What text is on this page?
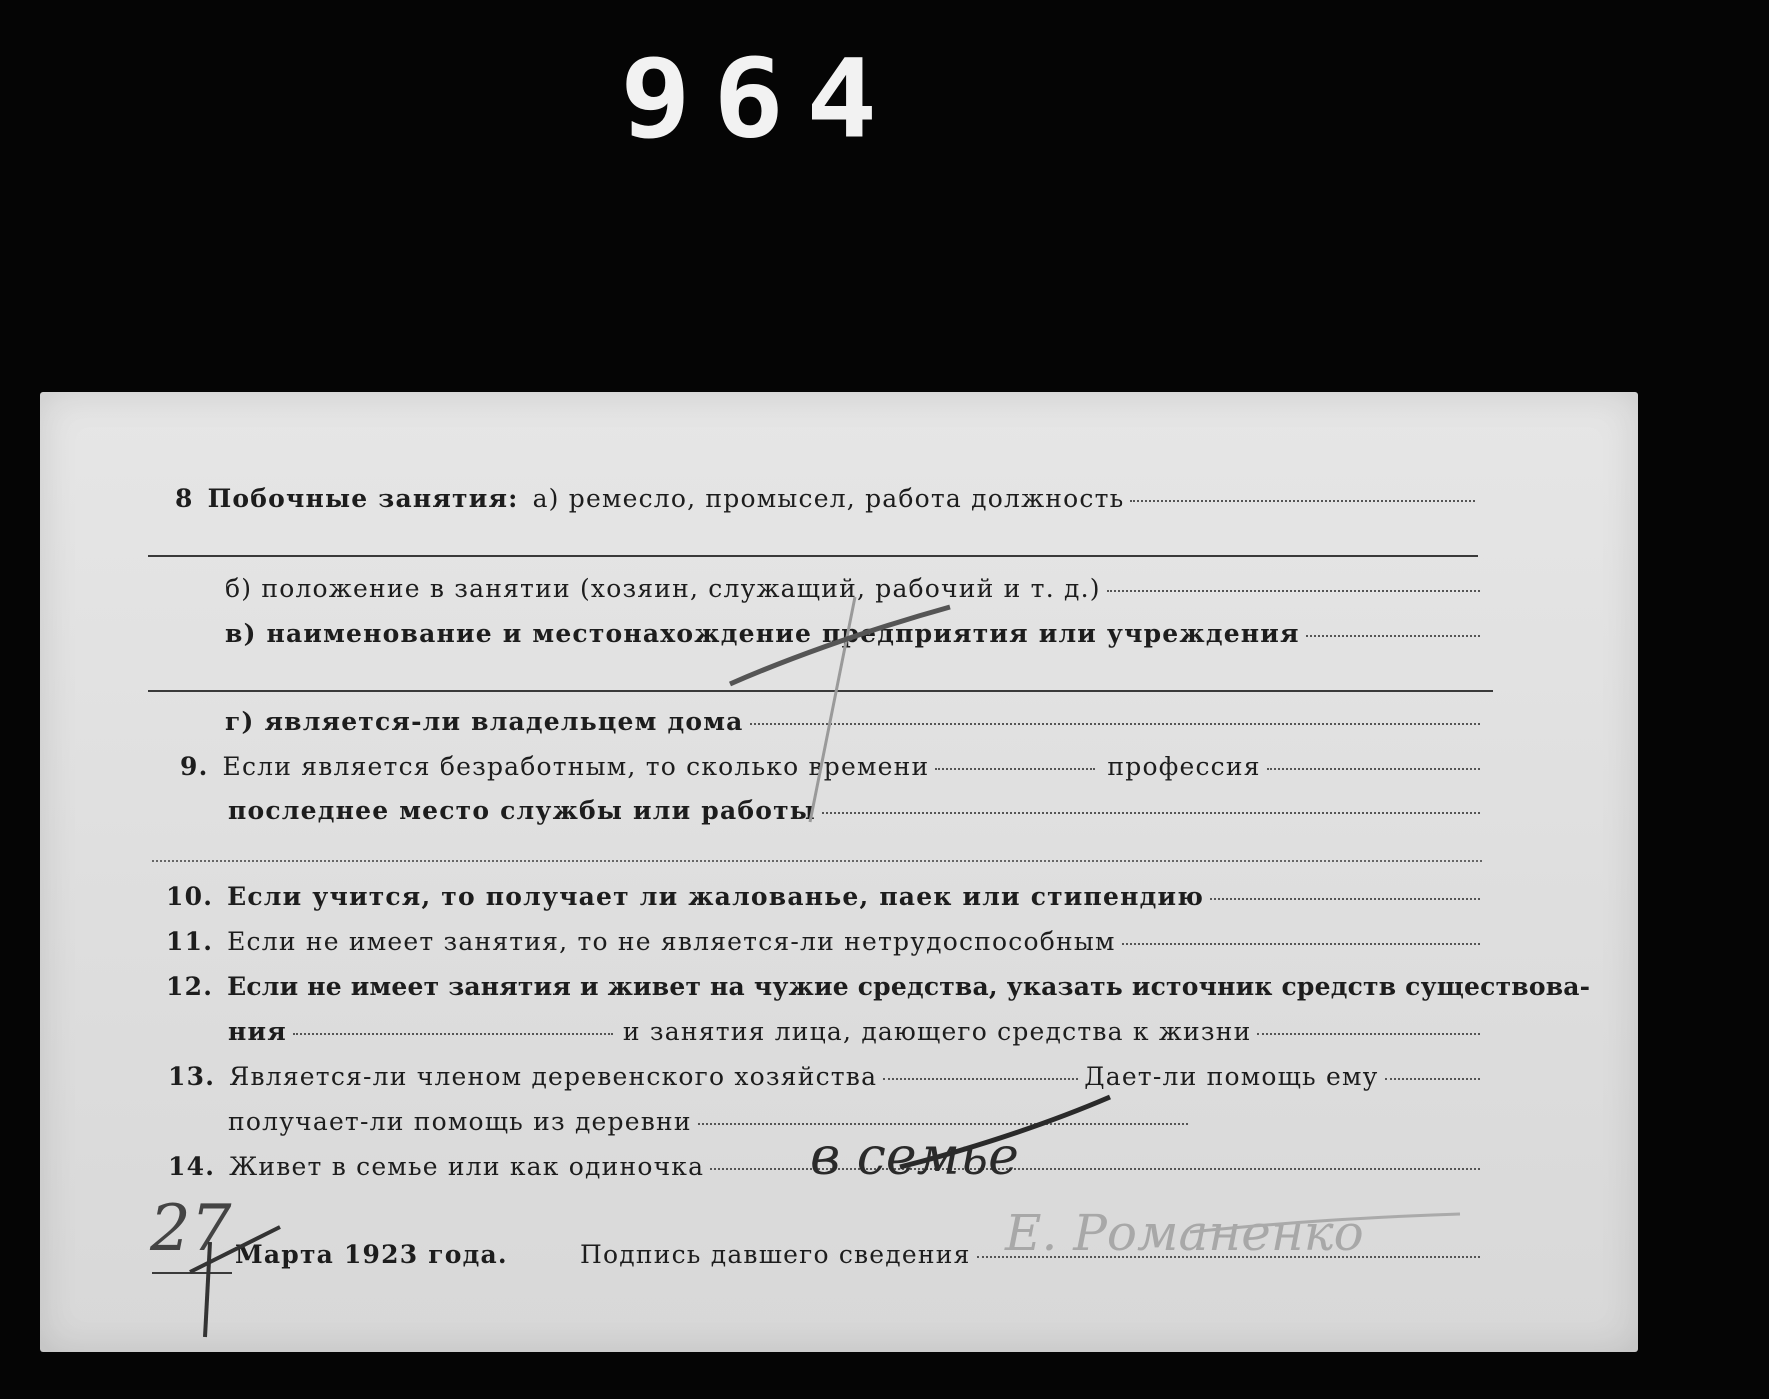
964
8 Побочные занятия: а) ремесло, промысел, работа должность
б) положение в занятии (хозяин, служащий, рабочий и т. д.)
в) наименование и местонахождение предприятия или учреждения
г) является-ли владельцем дома
9. Если является безработным, то сколько времени	профессия
последнее место службы или работы
10. Если учится, то получает ли жалованье, паек или стипендию
11. Если не имеет занятия, то не является-ли нетрудоспособным
12. Если не имеет занятия и живет на чужие средства, указать источник средств существова-
ния	и занятия лица, дающего средства к жизни
13. Является-ли членом деревенского хозяйства	Дает-ли помощь ему
получает-ли помощь из деревни
14. Живет в семье или как одиночка в семье
27 Марта 1923 года.	Подпись давшего сведения Е. Романенко
